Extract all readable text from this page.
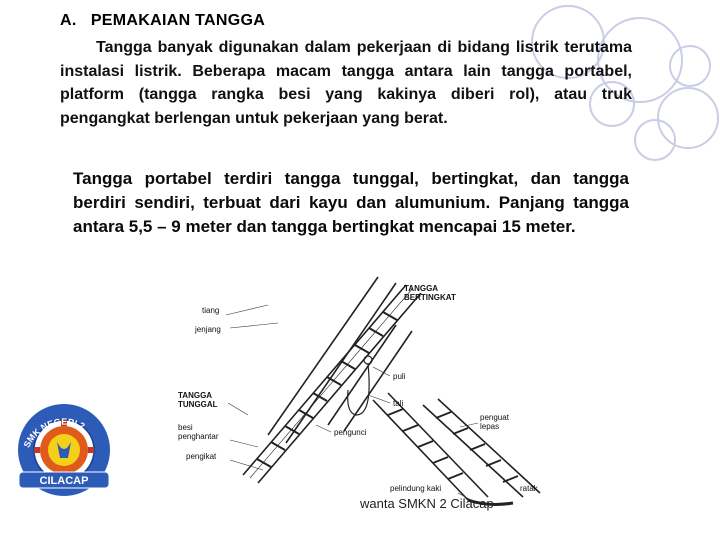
A.   PEMAKAIAN TANGGA
Tangga banyak digunakan dalam pekerjaan di bidang listrik terutama instalasi listrik. Beberapa macam tangga antara lain tangga portabel, platform (tangga rangka besi yang kakinya diberi rol), atau truk pengangkat berlengan untuk pekerjaan yang berat.
Tangga portabel terdiri tangga tunggal, bertingkat, dan tangga berdiri sendiri, terbuat dari kayu dan alumunium. Panjang tangga antara 5,5 – 9 meter dan tangga bertingkat mencapai 15 meter.
tiang
jenjang
TANGGA
TUNGGAL
besi
penghantar
pengikat
TANGGA
BERTINGKAT
puli
tali
pengunci
penguat
lepas
pelindung kaki	ratak
SMK NEGERI 2
CILACAP
wanta SMKN 2 Cilacap
